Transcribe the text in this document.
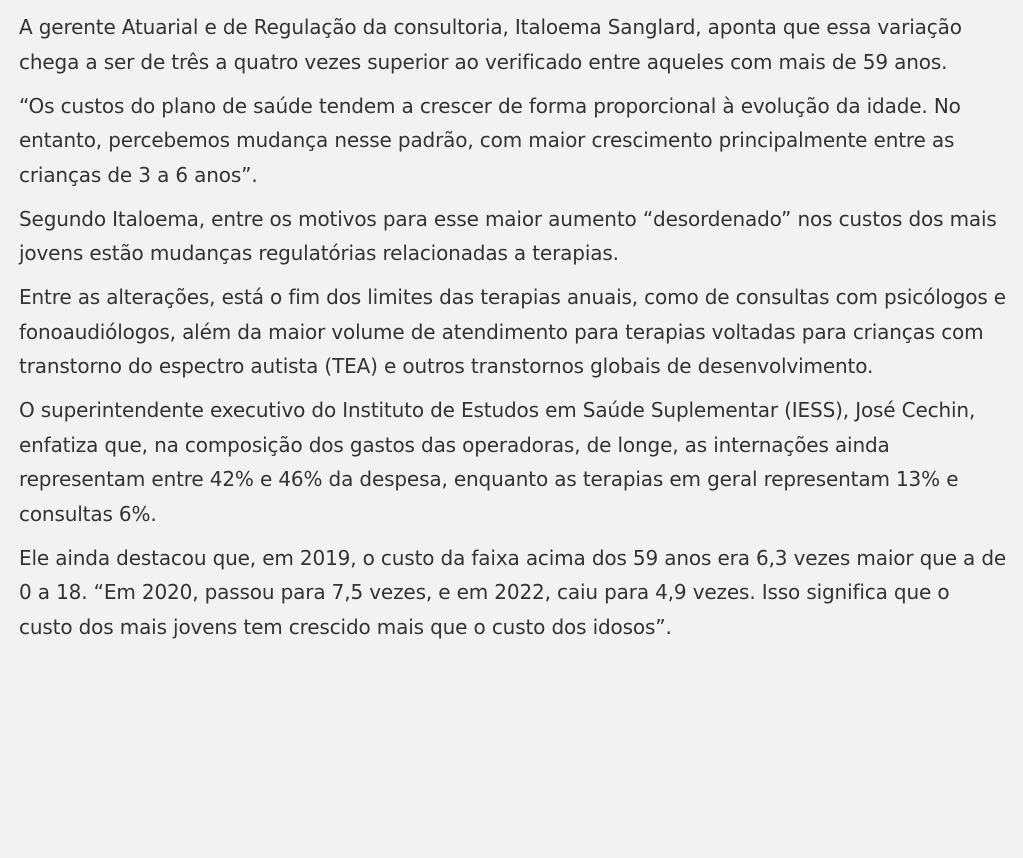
A gerente Atuarial e de Regulação da consultoria, Italoema Sanglard, aponta que essa variação chega a ser de três a quatro vezes superior ao verificado entre aqueles com mais de 59 anos.

“Os custos do plano de saúde tendem a crescer de forma proporcional à evolução da idade. No entanto, percebemos mudança nesse padrão, com maior crescimento principalmente entre as crianças de 3 a 6 anos”.

Segundo Italoema, entre os motivos para esse maior aumento “desordenado” nos custos dos mais jovens estão mudanças regulatórias relacionadas a terapias.

Entre as alterações, está o fim dos limites das terapias anuais, como de consultas com psicólogos e fonoaudiólogos, além da maior volume de atendimento para terapias voltadas para crianças com transtorno do espectro autista (TEA) e outros transtornos globais de desenvolvimento.

O superintendente executivo do Instituto de Estudos em Saúde Suplementar (IESS), José Cechin, enfatiza que, na composição dos gastos das operadoras, de longe, as internações ainda representam entre 42% e 46% da despesa, enquanto as terapias em geral representam 13% e consultas 6%.

Ele ainda destacou que, em 2019, o custo da faixa acima dos 59 anos era 6,3 vezes maior que a de 0 a 18. “Em 2020, passou para 7,5 vezes, e em 2022, caiu para 4,9 vezes. Isso significa que o custo dos mais jovens tem crescido mais que o custo dos idosos”.
